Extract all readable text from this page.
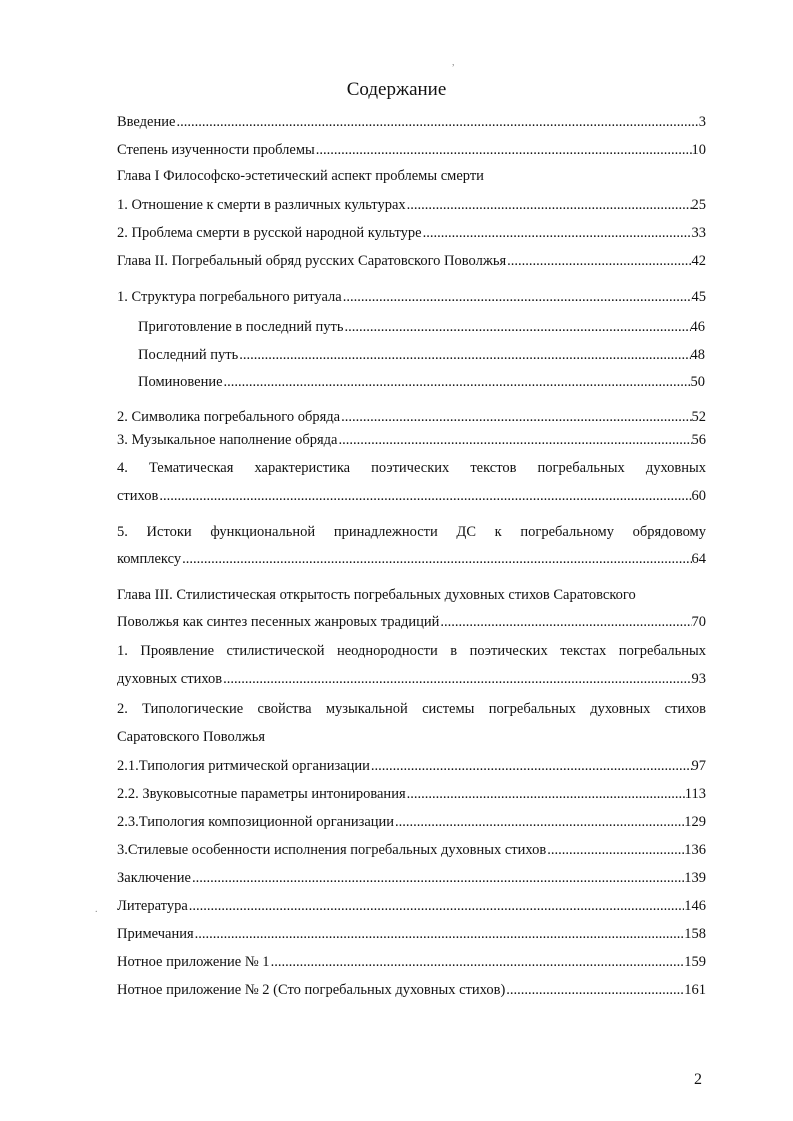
,
.
Содержание
Введение .....	3
Степень изученности проблемы .....	10
Глава I Философско-эстетический аспект проблемы смерти
1. Отношение к смерти в различных культурах .....	25
2. Проблема смерти в русской народной культуре .....	33
Глава II. Погребальный обряд русских Саратовского Поволжья .....	42
1. Структура погребального ритуала .....	45
Приготовление в последний путь .....	46
Последний путь .....	48
Поминовение .....	50
2. Символика погребального обряда .....	52
3. Музыкальное наполнение обряда .....	56
4. Тематическая характеристика поэтических текстов погребальных духовных
стихов .....	60
5. Истоки функциональной принадлежности ДС к погребальному обрядовому
комплексу .....	64
Глава III. Стилистическая открытость погребальных духовных стихов Саратовского
Поволжья как синтез песенных жанровых традиций .....	70
1. Проявление стилистической неоднородности в поэтических текстах погребальных
духовных стихов .....	93
2. Типологические свойства музыкальной системы погребальных духовных стихов
Саратовского Поволжья
2.1.Типология ритмической организации .....	97
2.2. Звуковысотные параметры интонирования .....	113
2.3.Типология композиционной организации .....	129
3.Стилевые особенности исполнения погребальных духовных стихов .....	136
Заключение .....	139
Литература .....	146
Примечания .....	158
Нотное приложение № 1 .....	159
Нотное приложение № 2 (Сто погребальных духовных стихов) .....	161
2
